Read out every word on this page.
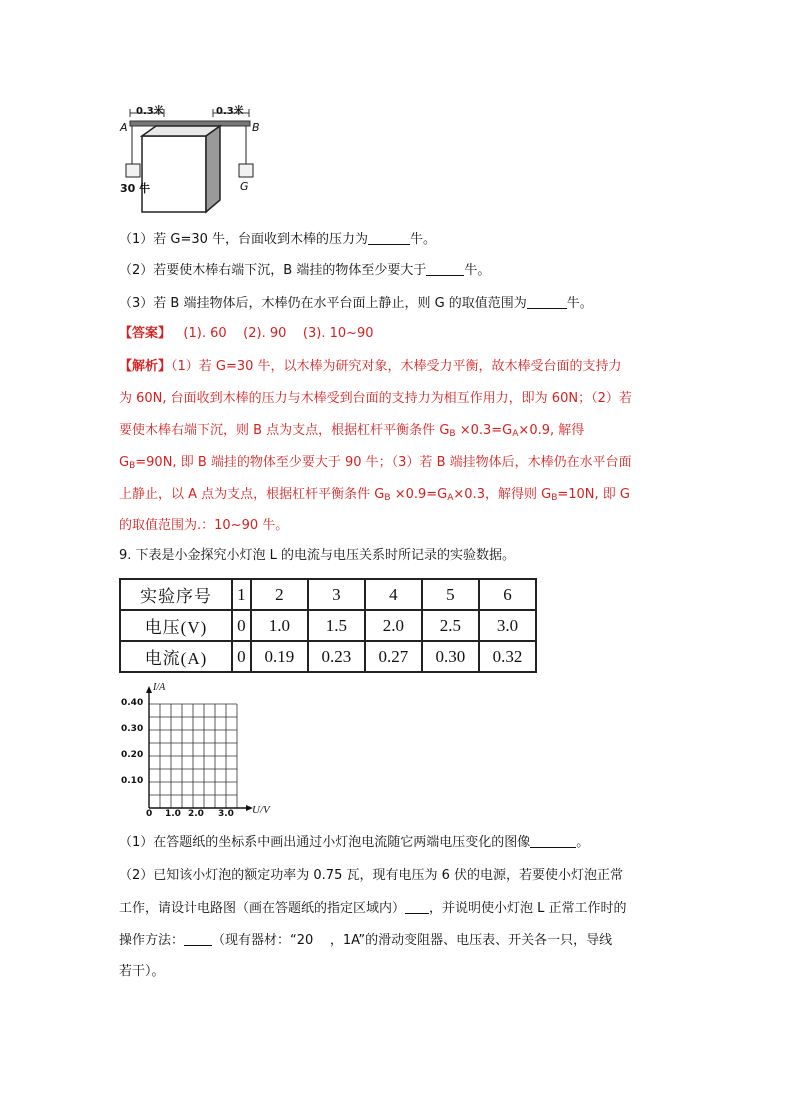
0.3米	0.3米
A	B
30 牛	G
（1）若 G=30 牛，台面收到木棒的压力为	牛。
（2）若要使木棒右端下沉，B 端挂的物体至少要大于	牛。
（3）若 B 端挂物体后，木棒仍在水平台面上静止，则 G 的取值范围为	牛。
【答案】   (1). 60    (2). 90    (3). 10~90
【解析】（1）若 G=30 牛，以木棒为研究对象，木棒受力平衡，故木棒受台面的支持力
为 60N, 台面收到木棒的压力与木棒受到台面的支持力为相互作用力，即为 60N；（2）若
要使木棒右端下沉，则 B 点为支点，根据杠杆平衡条件 $G_B \times 0.3=G_A\times 0.9$, 解得
$G_B=90N$, 即 B 端挂的物体至少要大于 90 牛；（3）若 B 端挂物体后，木棒仍在水平台面
上静止，以 A 点为支点，根据杠杆平衡条件 $G_B \times 0.9=G_A\times 0.3$，解得则 $G_B=10N$, 即 G
的取值范围为.：10~90 牛。
9. 下表是小金探究小灯泡 L 的电流与电压关系时所记录的实验数据。
实验序号	1	2	3	4	5	6
电压(V)	0	1.0	1.5	2.0	2.5	3.0
电流(A)	0	0.19	0.23	0.27	0.30	0.32
I/A
U/V
0.40
0.30
0.20
0.10
0 1.0 2.0 3.0
（1）在答题纸的坐标系中画出通过小灯泡电流随它两端电压变化的图像	。
（2）已知该小灯泡的额定功率为 0.75 瓦，现有电压为 6 伏的电源，若要使小灯泡正常
工作，请设计电路图（画在答题纸的指定区域内） ，并说明使小灯泡 L 正常工作时的
操作方法： （现有器材：“20    ，1A”的滑动变阻器、电压表、开关各一只，导线
若干）。
